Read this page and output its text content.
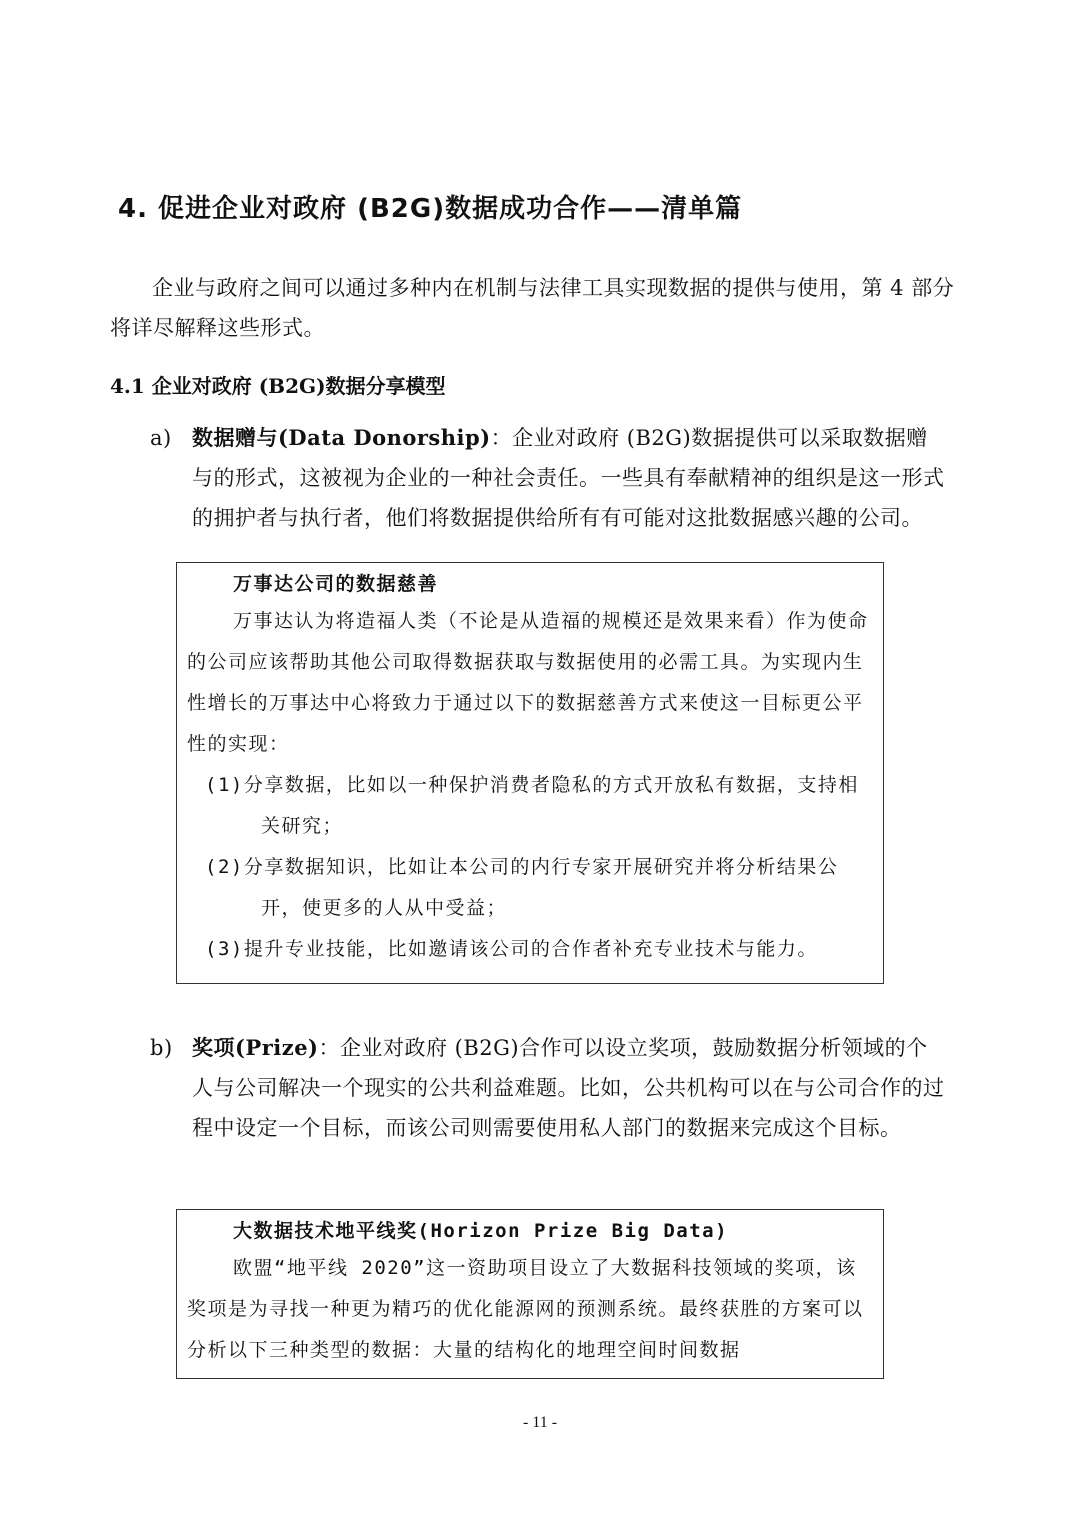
4. 促进企业对政府 (B2G)数据成功合作——清单篇
企业与政府之间可以通过多种内在机制与法律工具实现数据的提供与使用，第 4 部分将详尽解释这些形式。
4.1 企业对政府 (B2G)数据分享模型
a) 数据赠与(Data Donorship)：企业对政府 (B2G)数据提供可以采取数据赠与的形式，这被视为企业的一种社会责任。一些具有奉献精神的组织是这一形式的拥护者与执行者，他们将数据提供给所有有可能对这批数据感兴趣的公司。
万事达公司的数据慈善
万事达认为将造福人类（不论是从造福的规模还是效果来看）作为使命的公司应该帮助其他公司取得数据获取与数据使用的必需工具。为实现内生性增长的万事达中心将致力于通过以下的数据慈善方式来使这一目标更公平性的实现：
(1)分享数据，比如以一种保护消费者隐私的方式开放私有数据，支持相关研究；
(2)分享数据知识，比如让本公司的内行专家开展研究并将分析结果公开，使更多的人从中受益；
(3)提升专业技能，比如邀请该公司的合作者补充专业技术与能力。
b) 奖项(Prize)：企业对政府 (B2G)合作可以设立奖项，鼓励数据分析领域的个人与公司解决一个现实的公共利益难题。比如，公共机构可以在与公司合作的过程中设定一个目标，而该公司则需要使用私人部门的数据来完成这个目标。
大数据技术地平线奖(Horizon Prize Big Data)
欧盟“地平线 2020”这一资助项目设立了大数据科技领域的奖项，该奖项是为寻找一种更为精巧的优化能源网的预测系统。最终获胜的方案可以分析以下三种类型的数据：大量的结构化的地理空间时间数据
- 11 -
